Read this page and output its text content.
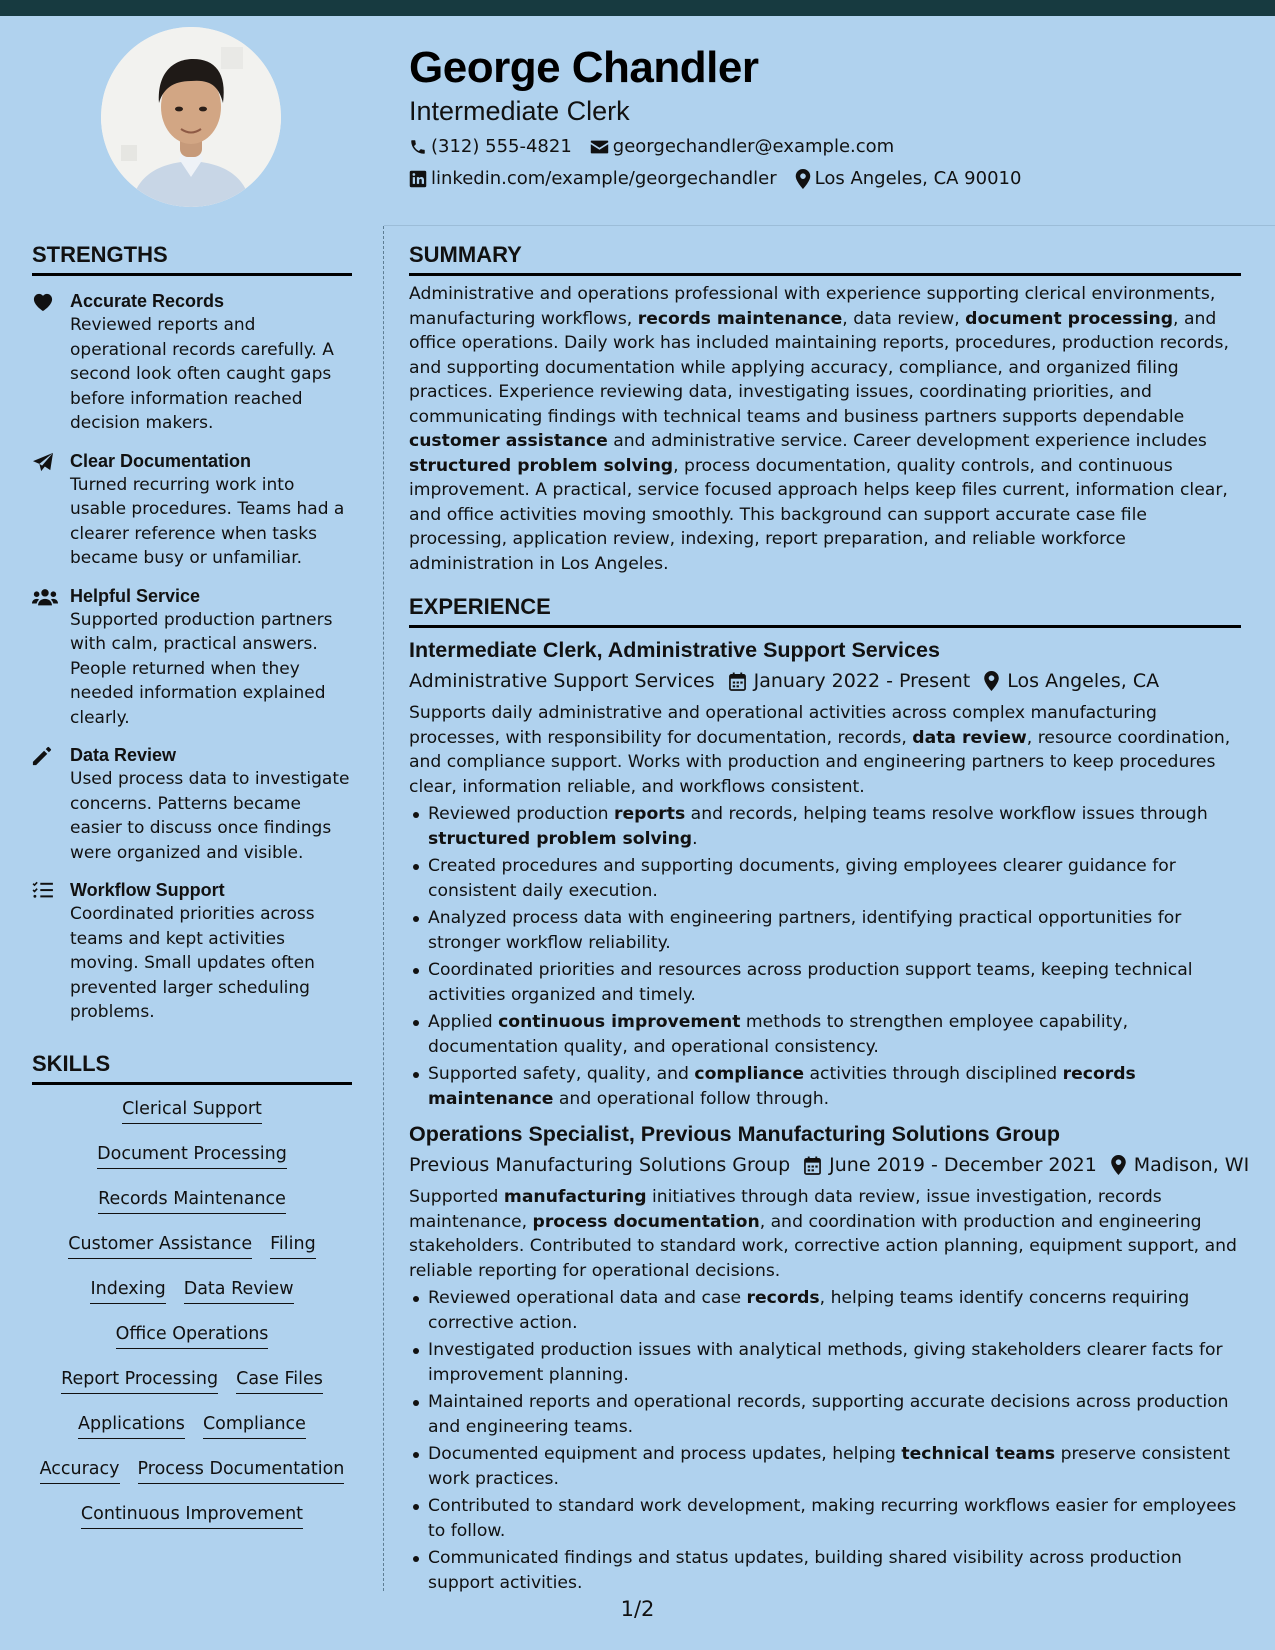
George Chandler
Intermediate Clerk
(312) 555-4821 georgechandler@example.com
linkedin.com/example/georgechandler Los Angeles, CA 90010
STRENGTHS
Accurate Records
Reviewed reports and operational records carefully. A second look often caught gaps before information reached decision makers.
Clear Documentation
Turned recurring work into usable procedures. Teams had a clearer reference when tasks became busy or unfamiliar.
Helpful Service
Supported production partners with calm, practical answers. People returned when they needed information explained clearly.
Data Review
Used process data to investigate concerns. Patterns became easier to discuss once findings were organized and visible.
Workflow Support
Coordinated priorities across teams and kept activities moving. Small updates often prevented larger scheduling problems.
SKILLS
Clerical Support
Document Processing
Records Maintenance
Customer Assistance Filing
Indexing Data Review
Office Operations
Report Processing Case Files
Applications Compliance
Accuracy Process Documentation
Continuous Improvement
SUMMARY
Administrative and operations professional with experience supporting clerical environments, manufacturing workflows, records maintenance, data review, document processing, and office operations. Daily work has included maintaining reports, procedures, production records, and supporting documentation while applying accuracy, compliance, and organized filing practices. Experience reviewing data, investigating issues, coordinating priorities, and communicating findings with technical teams and business partners supports dependable customer assistance and administrative service. Career development experience includes structured problem solving, process documentation, quality controls, and continuous improvement. A practical, service focused approach helps keep files current, information clear, and office activities moving smoothly. This background can support accurate case file processing, application review, indexing, report preparation, and reliable workforce administration in Los Angeles.
EXPERIENCE
Intermediate Clerk, Administrative Support Services
Administrative Support Services January 2022 - Present Los Angeles, CA
Supports daily administrative and operational activities across complex manufacturing processes, with responsibility for documentation, records, data review, resource coordination, and compliance support. Works with production and engineering partners to keep procedures clear, information reliable, and workflows consistent.
Reviewed production reports and records, helping teams resolve workflow issues through structured problem solving.
Created procedures and supporting documents, giving employees clearer guidance for consistent daily execution.
Analyzed process data with engineering partners, identifying practical opportunities for stronger workflow reliability.
Coordinated priorities and resources across production support teams, keeping technical activities organized and timely.
Applied continuous improvement methods to strengthen employee capability, documentation quality, and operational consistency.
Supported safety, quality, and compliance activities through disciplined records maintenance and operational follow through.
Operations Specialist, Previous Manufacturing Solutions Group
Previous Manufacturing Solutions Group June 2019 - December 2021 Madison, WI
Supported manufacturing initiatives through data review, issue investigation, records maintenance, process documentation, and coordination with production and engineering stakeholders. Contributed to standard work, corrective action planning, equipment support, and reliable reporting for operational decisions.
Reviewed operational data and case records, helping teams identify concerns requiring corrective action.
Investigated production issues with analytical methods, giving stakeholders clearer facts for improvement planning.
Maintained reports and operational records, supporting accurate decisions across production and engineering teams.
Documented equipment and process updates, helping technical teams preserve consistent work practices.
Contributed to standard work development, making recurring workflows easier for employees to follow.
Communicated findings and status updates, building shared visibility across production support activities.
1/2
